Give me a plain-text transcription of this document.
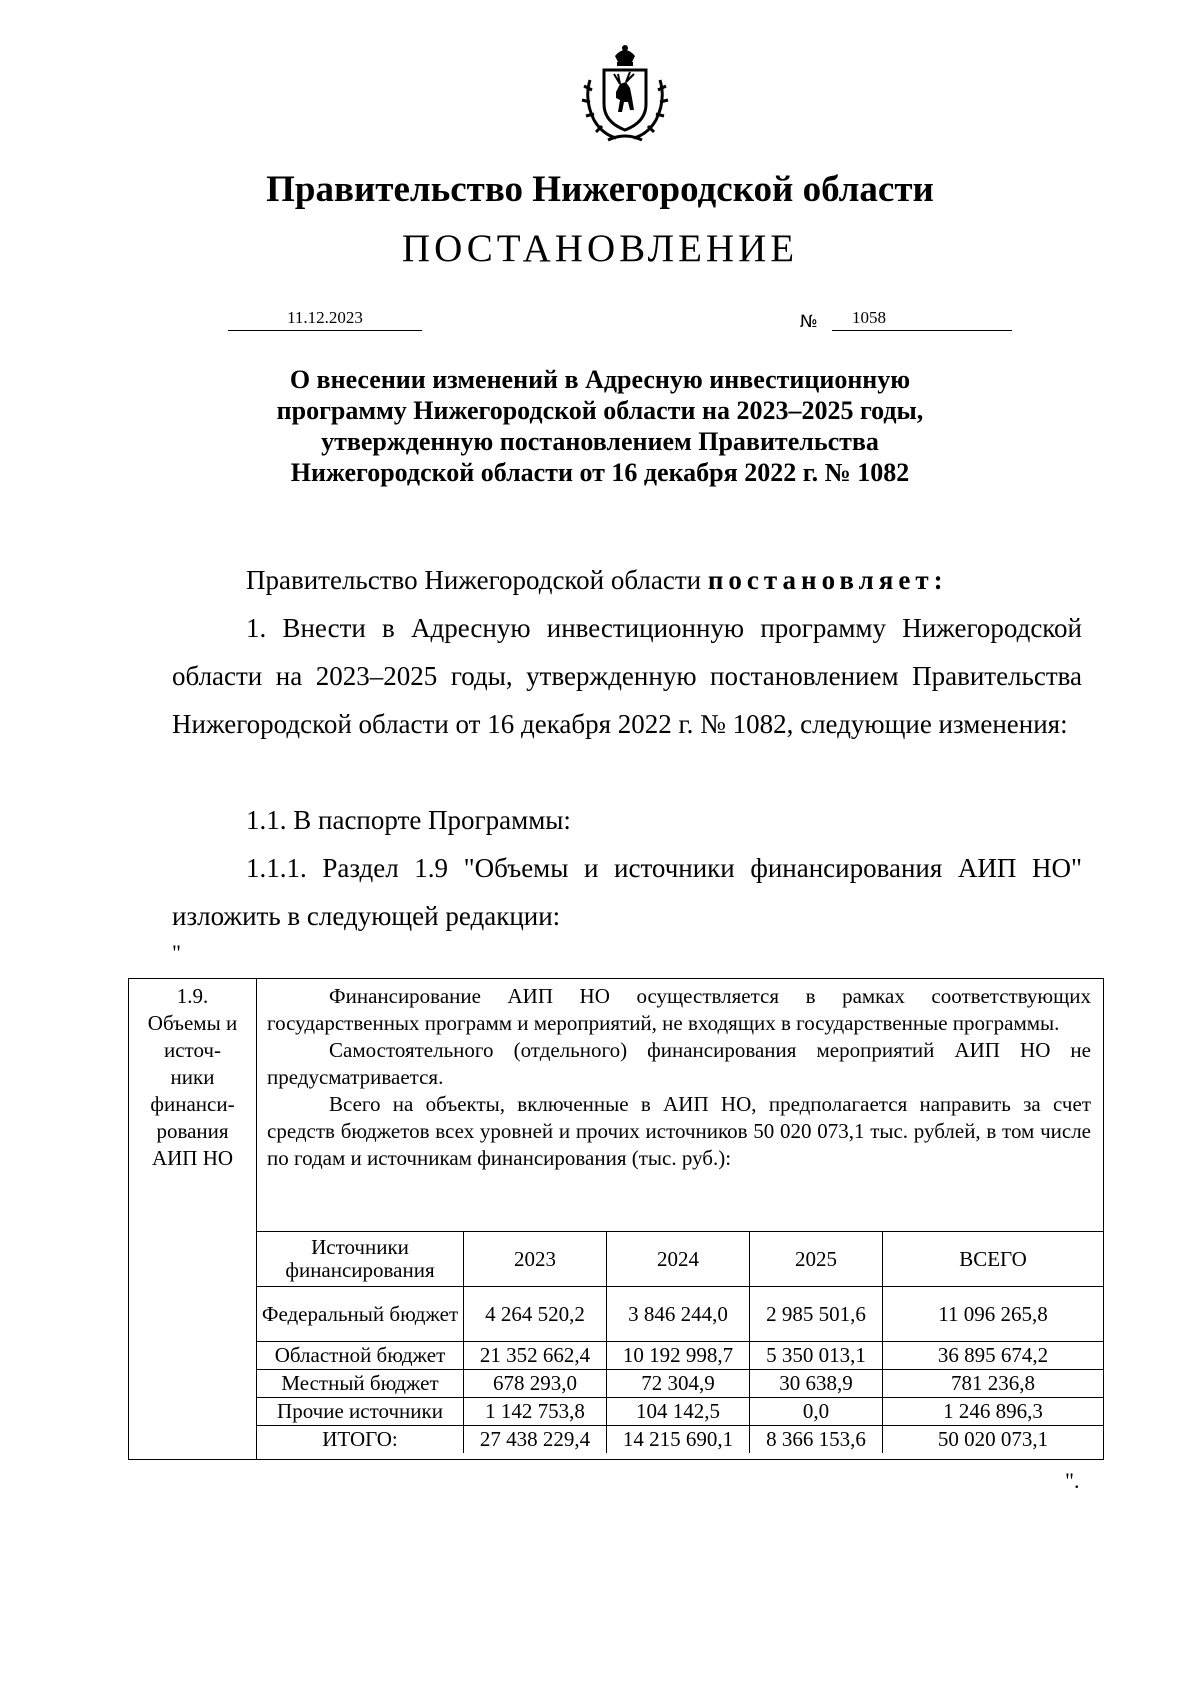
Правительство Нижегородской области
ПОСТАНОВЛЕНИЕ
11.12.2023	№	1058
О внесении изменений в Адресную инвестиционную
программу Нижегородской области на 2023–2025 годы,
утвержденную постановлением Правительства
Нижегородской области от 16 декабря 2022 г. № 1082
Правительство Нижегородской области постановляет:
1. Внести в Адресную инвестиционную программу Нижегородской области на 2023–2025 годы, утвержденную постановлением Правительства Нижегородской области от 16 декабря 2022 г. № 1082, следующие изменения:
1.1. В паспорте Программы:
1.1.1. Раздел 1.9 "Объемы и источники финансирования АИП НО" изложить в следующей редакции:
"
1.9.
Объемы и
источ-
ники
финанси-
рования
АИП НО

Финансирование АИП НО осуществляется в рамках соответствующих государственных программ и мероприятий, не входящих в государственные программы.

Самостоятельного (отдельного) финансирования мероприятий АИП НО не предусматривается.

Всего на объекты, включенные в АИП НО, предполагается направить за счет средств бюджетов всех уровней и прочих источников 50 020 073,1 тыс. рублей, в том числе по годам и источникам финансирования (тыс. руб.):

Источники финансирования	2023	2024	2025	ВСЕГО
Федеральный бюджет	4 264 520,2	3 846 244,0	2 985 501,6	11 096 265,8
Областной бюджет	21 352 662,4	10 192 998,7	5 350 013,1	36 895 674,2
Местный бюджет	678 293,0	72 304,9	30 638,9	781 236,8
Прочие источники	1 142 753,8	104 142,5	0,0	1 246 896,3
ИТОГО:	27 438 229,4	14 215 690,1	8 366 153,6	50 020 073,1
".
